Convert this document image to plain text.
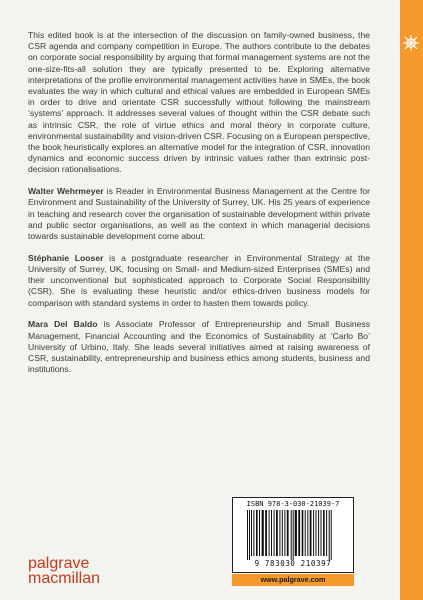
This edited book is at the intersection of the discussion on family-owned business, the CSR agenda and company competition in Europe. The authors contribute to the debates on corporate social responsibility by arguing that formal management systems are not the one-size-fits-all solution they are typically presented to be. Exploring alternative interpretations of the profile environmental management activities have in SMEs, the book evaluates the way in which cultural and ethical values are embedded in European SMEs in order to drive and orientate CSR successfully without following the mainstream ‘systems’ approach. It addresses several values of thought within the CSR debate such as intrinsic CSR, the role of virtue ethics and moral theory in corporate culture, environmental sustainability and vision-driven CSR. Focusing on a European perspective, the book heuristically explores an alternative model for the integration of CSR, innovation dynamics and economic success driven by intrinsic values rather than extrinsic post-decision rationalisations.

Walter Wehrmeyer is Reader in Environmental Business Management at the Centre for Environment and Sustainability of the University of Surrey, UK. His 25 years of experience in teaching and research cover the organisation of sustainable development within private and public sector organisations, as well as the context in which managerial decisions towards sustainable development come about.

Stéphanie Looser is a postgraduate researcher in Environmental Strategy at the University of Surrey, UK, focusing on Small- and Medium-sized Enterprises (SMEs) and their unconventional but sophisticated approach to Corporate Social Responsibility (CSR). She is evaluating these heuristic and/or ethics-driven business models for comparison with standard systems in order to hasten them towards policy.

Mara Del Baldo is Associate Professor of Entrepreneurship and Small Business Management, Financial Accounting and the Economics of Sustainability at ‘Carlo Bo’ University of Urbino, Italy. She leads several initiatives aimed at raising awareness of CSR, sustainability, entrepreneurship and business ethics among students, business and institutions.

ISBN 978-3-030-21039-7
9 783030 210397
www.palgrave.com
palgrave
macmillan
